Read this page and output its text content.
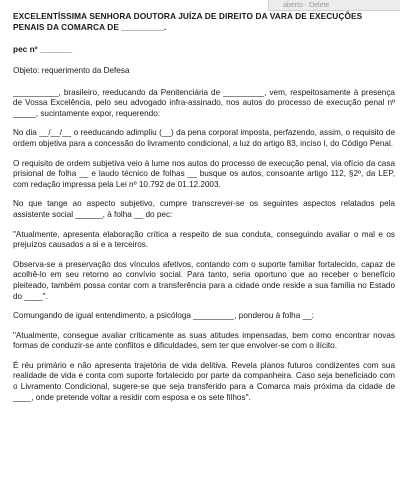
aberto · Delete
EXCELENTÍSSIMA SENHORA DOUTORA JUÍZA DE DIREITO DA VARA DE EXECUÇÕES PENAIS DA COMARCA DE _________.
pec nº _______

Objeto: requerimento da Defesa

__________, brasileiro, reeducando da Penitenciária de _________, vem, respeitosamente à presença de Vossa Excelência, pelo seu advogado infra-assinado, nos autos do processo de execução penal nº _____, sucintamente expor, requerendo:

No dia __/__/__ o reeducando adimpliu (__) da pena corporal imposta, perfazendo, assim, o requisito de ordem objetiva para a concessão do livramento condicional, a luz do artigo 83, inciso I, do Código Penal.

O requisito de ordem subjetiva veio à lume nos autos do processo de execução penal, via ofício da casa prisional de folha __ e laudo técnico de folhas __ busque os autos, consoante artigo 112, §2º, da LEP, com redação impressa pela Lei nº 10.792 de 01.12.2003.

No que tange ao aspecto subjetivo, cumpre transcrever-se os seguintes aspectos relatados pela assistente social ______, à folha __ do pec:

"Atualmente, apresenta elaboração crítica a respeito de sua conduta, conseguindo avaliar o mal e os prejuízos causados a si e a terceiros.

Observa-se a preservação dos vínculos afetivos, contando com o suporte familiar fortalecido, capaz de acolhê-lo em seu retorno ao convívio social. Para tanto, seria oportuno que ao receber o benefício pleiteado, também possa contar com a transferência para a cidade onde reside a sua família no Estado do ____".

Comungando de igual entendimento, a psicóloga _________, ponderou à folha __:

"Atualmente, consegue avaliar criticamente as suas atitudes impensadas, bem como encontrar novas formas de conduzir-se ante conflitos e dificuldades, sem ter que envolver-se com o ilícito.

É réu primário e não apresenta trajetória de vida delitiva. Revela planos futuros condizentes com sua realidade de vida e conta com suporte fortalecido por parte da companheira. Caso seja beneficiado com o Livramento Condicional, sugere-se que seja transferido para a Comarca mais próxima da cidade de ____, onde pretende voltar a residir com esposa e os sete filhos".
